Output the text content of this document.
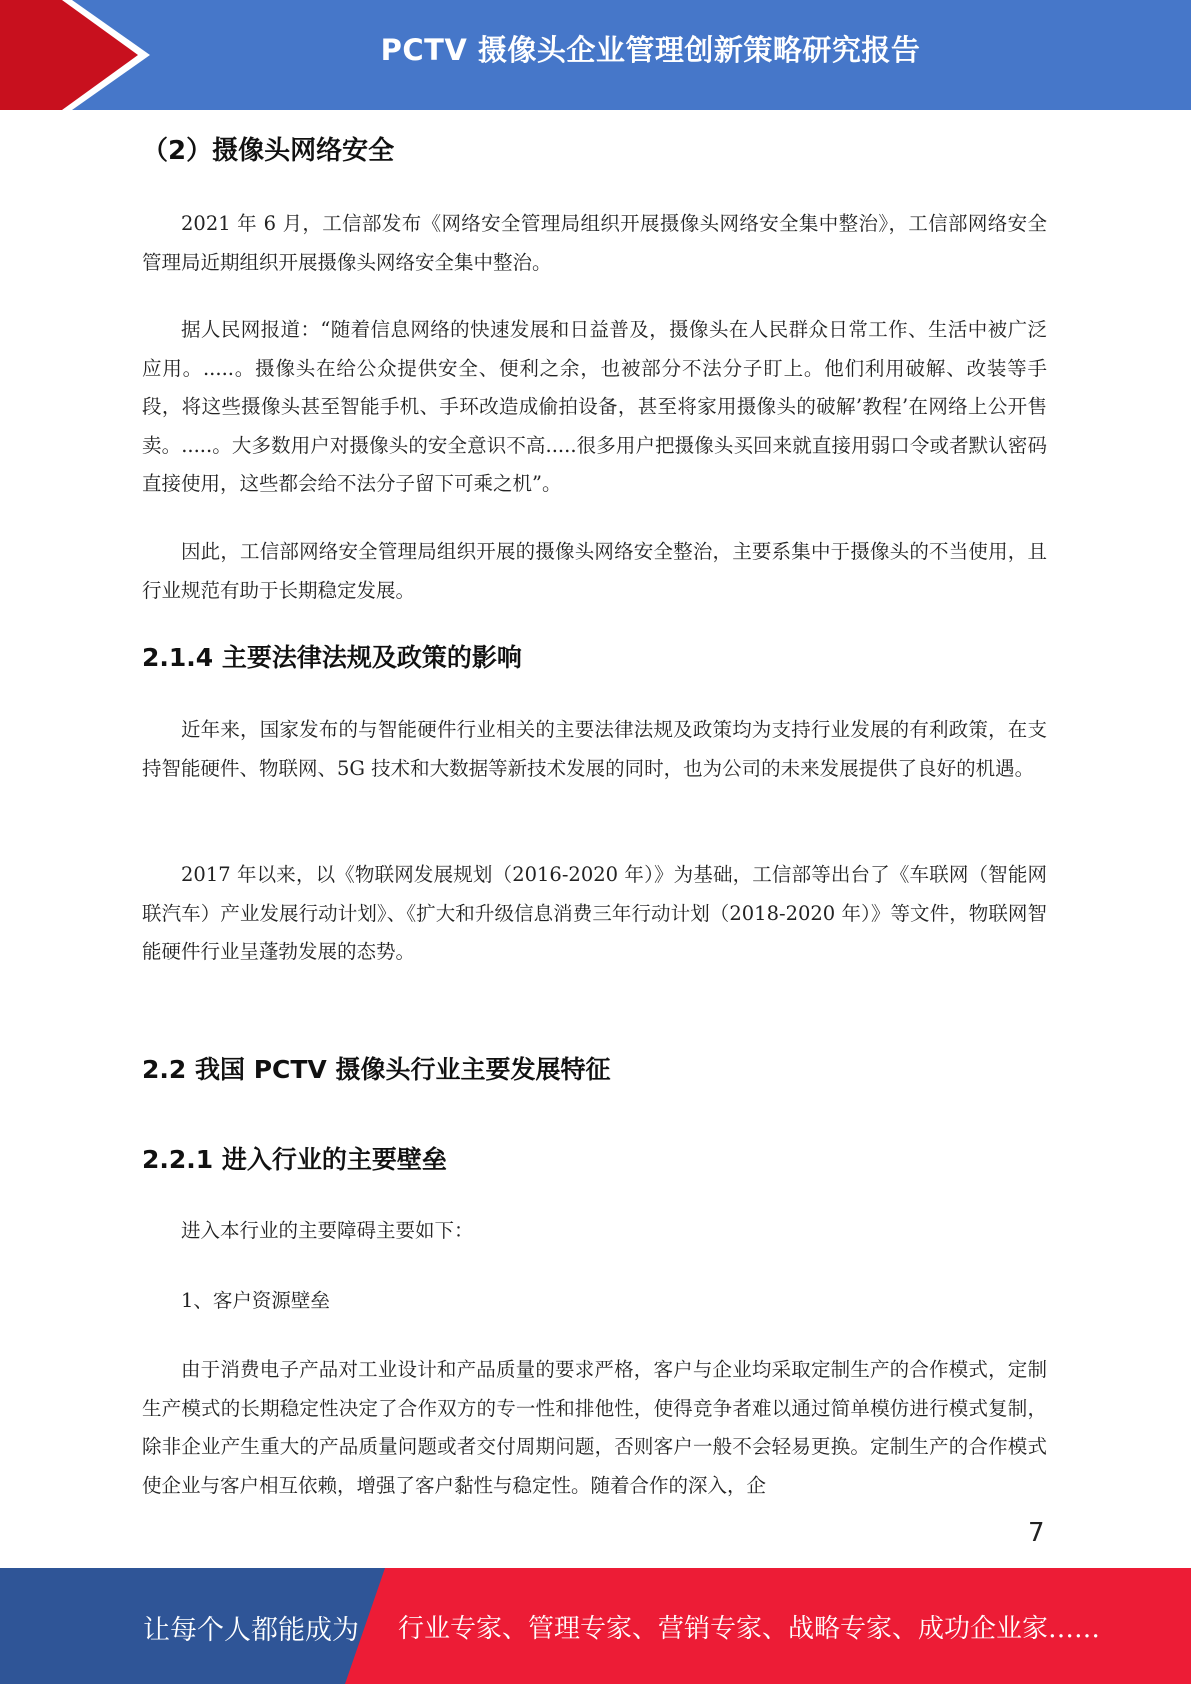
PCTV 摄像头企业管理创新策略研究报告
（2）摄像头网络安全

2021 年 6 月，工信部发布《网络安全管理局组织开展摄像头网络安全集中整治》，工信部网络安全管理局近期组织开展摄像头网络安全集中整治。

据人民网报道：“随着信息网络的快速发展和日益普及，摄像头在人民群众日常工作、生活中被广泛应用。.....。摄像头在给公众提供安全、便利之余，也被部分不法分子盯上。他们利用破解、改装等手段，将这些摄像头甚至智能手机、手环改造成偷拍设备，甚至将家用摄像头的破解’教程’在网络上公开售卖。.....。大多数用户对摄像头的安全意识不高.....很多用户把摄像头买回来就直接用弱口令或者默认密码直接使用，这些都会给不法分子留下可乘之机”。

因此，工信部网络安全管理局组织开展的摄像头网络安全整治，主要系集中于摄像头的不当使用，且行业规范有助于长期稳定发展。

2.1.4 主要法律法规及政策的影响

近年来，国家发布的与智能硬件行业相关的主要法律法规及政策均为支持行业发展的有利政策，在支持智能硬件、物联网、5G 技术和大数据等新技术发展的同时，也为公司的未来发展提供了良好的机遇。

2017 年以来，以《物联网发展规划（2016-2020 年）》为基础，工信部等出台了《车联网（智能网联汽车）产业发展行动计划》、《扩大和升级信息消费三年行动计划（2018-2020 年）》等文件，物联网智能硬件行业呈蓬勃发展的态势。

2.2 我国 PCTV 摄像头行业主要发展特征
2.2.1 进入行业的主要壁垒

进入本行业的主要障碍主要如下：

1、客户资源壁垒

由于消费电子产品对工业设计和产品质量的要求严格，客户与企业均采取定制生产的合作模式，定制生产模式的长期稳定性决定了合作双方的专一性和排他性，使得竞争者难以通过简单模仿进行模式复制，除非企业产生重大的产品质量问题或者交付周期问题，否则客户一般不会轻易更换。定制生产的合作模式使企业与客户相互依赖，增强了客户黏性与稳定性。随着合作的深入，企

7
让每个人都能成为 行业专家、管理专家、营销专家、战略专家、成功企业家……
